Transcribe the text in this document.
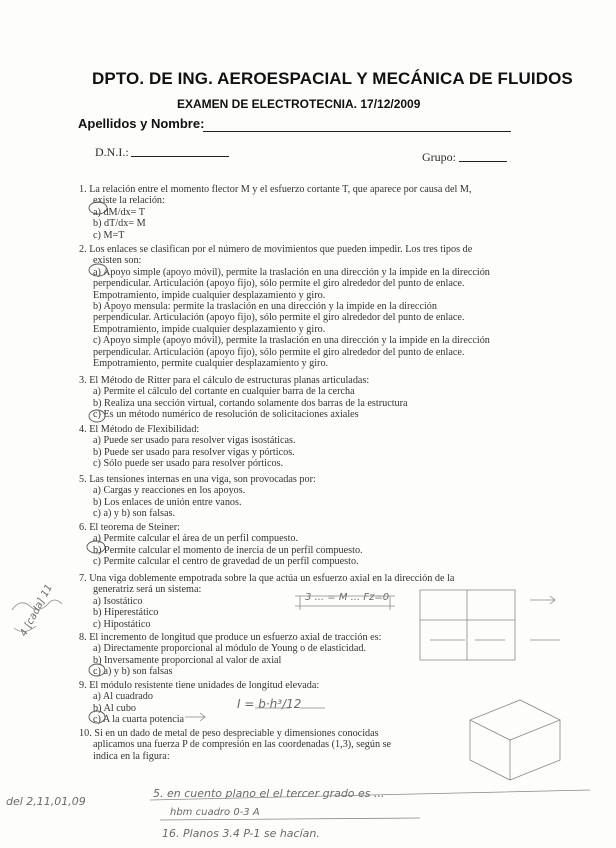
DPTO. DE ING. AEROESPACIAL Y MECÁNICA DE FLUIDOS
EXAMEN DE ELECTROTECNIA. 17/12/2009
Apellidos y Nombre:
D.N.I.:	Grupo:

1. La relación entre el momento flector M y el esfuerzo cortante T, que aparece por causa del M,

existe la relación:

a) dM/dx= T

b) dT/dx= M

c) M=T

2. Los enlaces se clasifican por el número de movimientos que pueden impedir. Los tres tipos de

existen son:

a) Apoyo simple (apoyo móvil), permite la traslación en una dirección y la impide en la dirección

perpendicular. Articulación (apoyo fijo), sólo permite el giro alrededor del punto de enlace.

Empotramiento, impide cualquier desplazamiento y giro.

b) Apoyo mensula: permite la traslación en una dirección y la impide en la dirección

perpendicular. Articulación (apoyo fijo), sólo permite el giro alrededor del punto de enlace.

Empotramiento, impide cualquier desplazamiento y giro.

c) Apoyo simple (apoyo móvil), permite la traslación en una dirección y la impide en la dirección

perpendicular. Articulación (apoyo fijo), sólo permite el giro alrededor del punto de enlace.

Empotramiento, permite cualquier desplazamiento y giro.

3. El Método de Ritter para el cálculo de estructuras planas articuladas:

a) Permite el cálculo del cortante en cualquier barra de la cercha

b) Realiza una sección virtual, cortando solamente dos barras de la estructura

c) Es un método numérico de resolución de solicitaciones axiales

4. El Método de Flexibilidad:

a) Puede ser usado para resolver vigas isostáticas.

b) Puede ser usado para resolver vigas y pórticos.

c) Sólo puede ser usado para resolver pórticos.

5. Las tensiones internas en una viga, son provocadas por:

a) Cargas y reacciones en los apoyos.

b) Los enlaces de unión entre vanos.

c) a) y b) son falsas.

6. El teorema de Steiner:

a) Permite calcular el área de un perfil compuesto.

b) Permite calcular el momento de inercia de un perfil compuesto.

c) Permite calcular el centro de gravedad de un perfil compuesto.

7. Una viga doblemente empotrada sobre la que actúa un esfuerzo axial en la dirección de la

generatriz será un sistema:

a) Isostático

b) Hiperestático

c) Hipostático

8. El incremento de longitud que produce un esfuerzo axial de tracción es:

a) Directamente proporcional al módulo de Young o de elasticidad.

b) Inversamente proporcional al valor de axial

c) a) y b) son falsas

9. El módulo resistente tiene unidades de longitud elevada:

a) Al cuadrado

b) Al cubo

c) A la cuarta potencia

10. Si en un dado de metal de peso despreciable y dimensiones conocidas

aplicamos una fuerza P de compresión en las coordenadas (1,3), según se

indica en la figura:

4 [cada] 11	3 ... = M ... Fz=0
I = b·h³/12
del 2,11,01,09
5. en cuento plano el el tercer grado es ...
hbm cuadro 0-3 A
16. Planos 3.4 P-1 se hacían.
